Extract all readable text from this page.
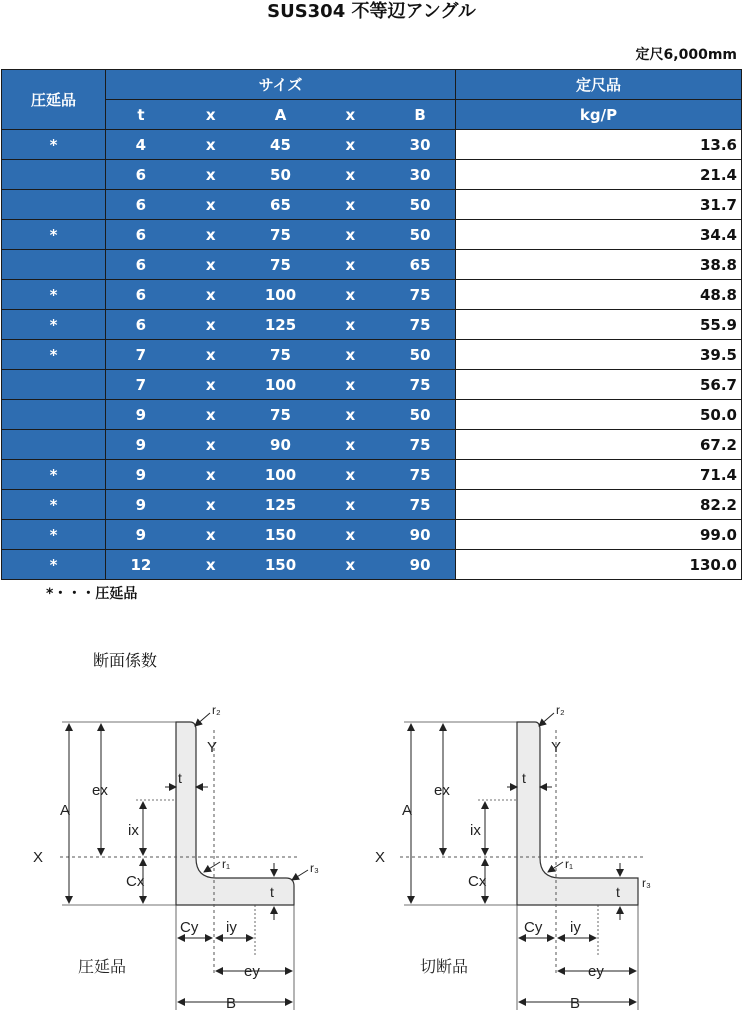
SUS304 不等辺アングル
定尺6,000mm
圧延品	サイズ	定尺品

	t x A x B	kg/P
*	4 x 45 x 30	13.6

	6 x 50 x 30	21.4

	6 x 65 x 50	31.7
*	6 x 75 x 50	34.4

	6 x 75 x 65	38.8
*	6 x 100 x 75	48.8
*	6 x 125 x 75	55.9
*	7 x 75 x 50	39.5

	7 x 100 x 75	56.7

	9 x 75 x 50	50.0

	9 x 90 x 75	67.2
*	9 x 100 x 75	71.4
*	9 x 125 x 75	82.2
*	9 x 150 x 90	99.0
*	12 x 150 x 90	130.0
*・・・圧延品
断面係数
r₂
Y
t
ex
A
ix
X	r₁	r₃
Cx
t
Cy iy
ey
B
圧延品
r₂
Y
t
ex
A
ix
X	r₁
r₃
Cx
t
Cy iy
ey
B
切断品
